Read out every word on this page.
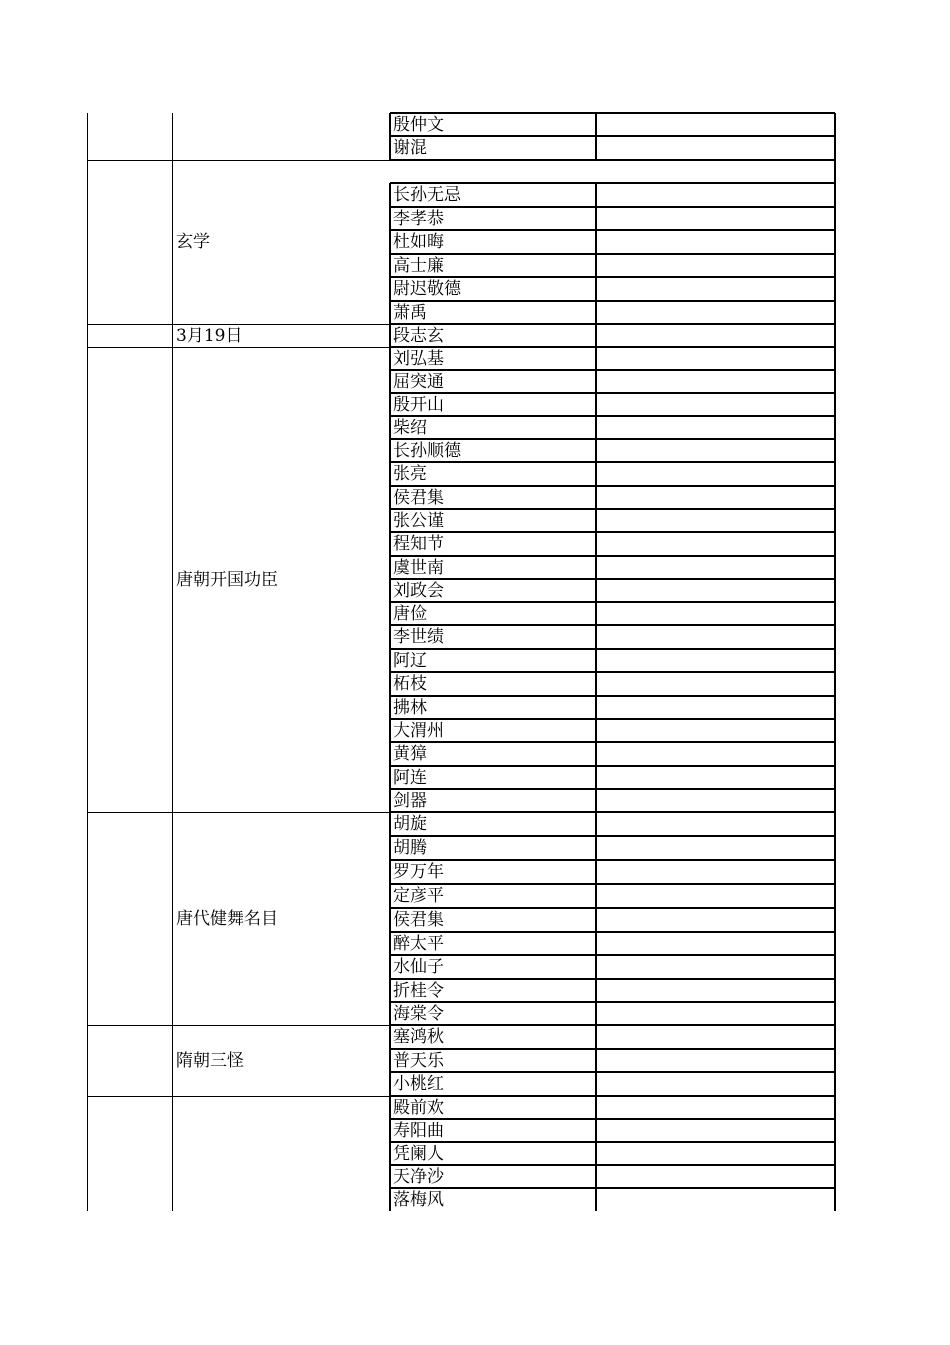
殷仲文
谢混
玄学
长孙无忌
李孝恭
杜如晦
高士廉
尉迟敬德
萧禹
3月19日	段志玄
唐朝开国功臣
刘弘基
屈突通
殷开山
柴绍
长孙顺德
张亮
侯君集
张公谨
程知节
虞世南
刘政会
唐俭
李世绩
阿辽
柘枝
拂林
大渭州
黄獐
阿连
剑器
唐代健舞名目
胡旋
胡腾
罗万年
定彦平
侯君集
醉太平
水仙子
折桂令
海棠令
隋朝三怪
塞鸿秋
普天乐
小桃红
殿前欢
寿阳曲
凭阑人
天净沙
落梅风
